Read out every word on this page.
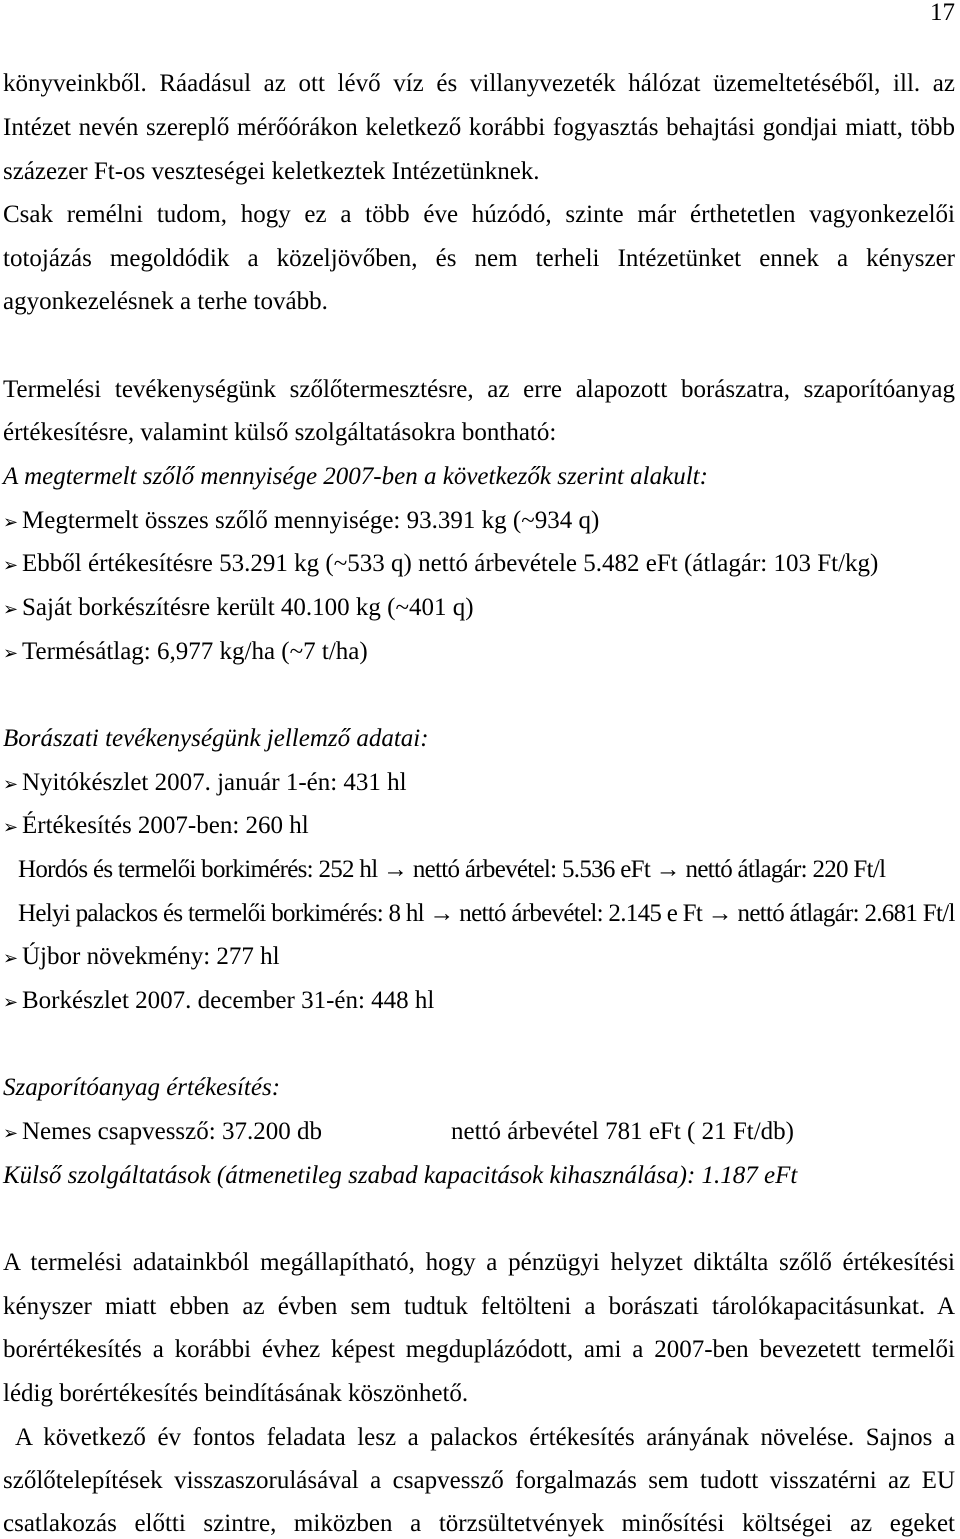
17
könyveinkből. Ráadásul az ott lévő víz és villanyvezeték hálózat üzemeltetéséből, ill. az
Intézet nevén szereplő mérőórákon keletkező korábbi fogyasztás behajtási gondjai miatt, több
százezer Ft-os veszteségei keletkeztek Intézetünknek.
Csak remélni tudom, hogy ez a több éve húzódó, szinte már érthetetlen vagyonkezelői
totojázás megoldódik a közeljövőben, és nem terheli Intézetünket ennek a kényszer
agyonkezelésnek a terhe tovább.
Termelési tevékenységünk szőlőtermesztésre, az erre alapozott borászatra, szaporítóanyag
értékesítésre, valamint külső szolgáltatásokra bontható:
A megtermelt szőlő mennyisége 2007-ben a következők szerint alakult:
➢ Megtermelt összes szőlő mennyisége: 93.391 kg (~934 q)
➢ Ebből értékesítésre 53.291 kg (~533 q) nettó árbevétele 5.482 eFt (átlagár: 103 Ft/kg)
➢ Saját borkészítésre került 40.100 kg (~401 q)
➢ Termésátlag: 6,977 kg/ha (~7 t/ha)
Borászati tevékenységünk jellemző adatai:
➢ Nyitókészlet 2007. január 1-én: 431 hl
➢ Értékesítés 2007-ben: 260 hl
Hordós és termelői borkimérés: 252 hl → nettó árbevétel: 5.536 eFt → nettó átlagár: 220 Ft/l
Helyi palackos és termelői borkimérés: 8 hl → nettó árbevétel: 2.145 e Ft → nettó átlagár: 2.681 Ft/l
➢ Újbor növekmény: 277 hl
➢ Borkészlet 2007. december 31-én: 448 hl
Szaporítóanyag értékesítés:
➢ Nemes csapvessző: 37.200 db	nettó árbevétel 781 eFt ( 21 Ft/db)
Külső szolgáltatások (átmenetileg szabad kapacitások kihasználása): 1.187 eFt
A termelési adatainkból megállapítható, hogy a pénzügyi helyzet diktálta szőlő értékesítési
kényszer miatt ebben az évben sem tudtuk feltölteni a borászati tárolókapacitásunkat. A
borértékesítés a korábbi évhez képest megduplázódott, ami a 2007-ben bevezetett termelői
lédig borértékesítés beindításának köszönhető.
A következő év fontos feladata lesz a palackos értékesítés arányának növelése. Sajnos a
szőlőtelepítések visszaszorulásával a csapvessző forgalmazás sem tudott visszatérni az EU
csatlakozás előtti szintre, miközben a törzsültetvények minősítési költségei az egeket
